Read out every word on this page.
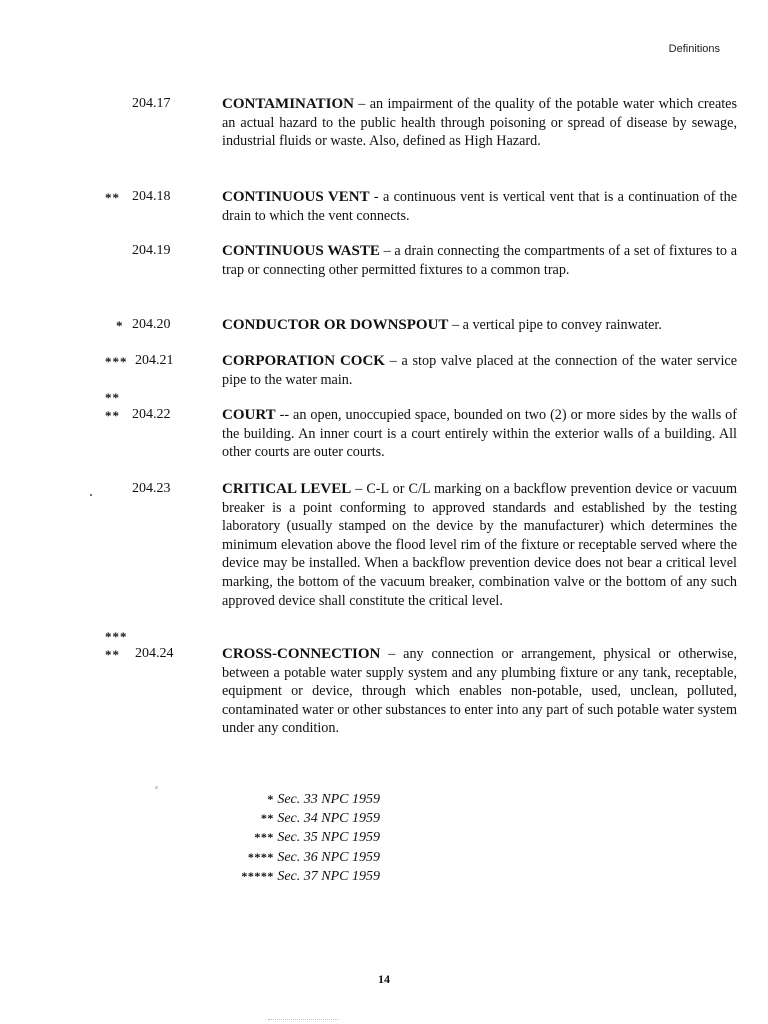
Definitions
204.17	CONTAMINATION – an impairment of the quality of the potable water which creates an actual hazard to the public health through poisoning or spread of disease by sewage, industrial fluids or waste. Also, defined as High Hazard.
** 204.18	CONTINUOUS VENT - a continuous vent is vertical vent that is a continuation of the drain to which the vent connects.
204.19	CONTINUOUS WASTE – a drain connecting the compartments of a set of fixtures to a trap or connecting other permitted fixtures to a common trap.
* 204.20	CONDUCTOR OR DOWNSPOUT – a vertical pipe to convey rainwater.
*** 204.21	CORPORATION COCK – a stop valve placed at the connection of the water service pipe to the water main.
**
** 204.22	COURT -- an open, unoccupied space, bounded on two (2) or more sides by the walls of the building. An inner court is a court entirely within the exterior walls of a building. All other courts are outer courts.
204.23	CRITICAL LEVEL – C-L or C/L marking on a backflow prevention device or vacuum breaker is a point conforming to approved standards and established by the testing laboratory (usually stamped on the device by the manufacturer) which determines the minimum elevation above the flood level rim of the fixture or receptable served where the device may be installed. When a backflow prevention device does not bear a critical level marking, the bottom of the vacuum breaker, combination valve or the bottom of any such approved device shall constitute the critical level.
***
**	204.24	CROSS-CONNECTION – any connection or arrangement, physical or otherwise, between a potable water supply system and any plumbing fixture or any tank, receptable, equipment or device, through which enables non-potable, used, unclean, polluted, contaminated water or other substances to enter into any part of such potable water system under any condition.
* Sec. 33 NPC 1959
** Sec. 34 NPC 1959
*** Sec. 35 NPC 1959
**** Sec. 36 NPC 1959
***** Sec. 37 NPC 1959
14
